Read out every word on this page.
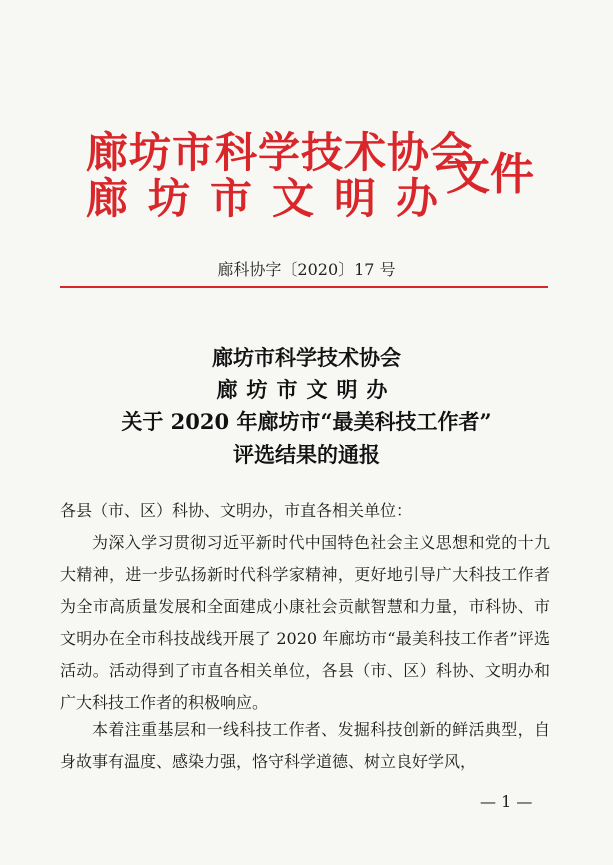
廊坊市科学技术协会
廊坊市文明办
文件
廊科协字〔2020〕17 号
廊坊市科学技术协会
廊坊市文明办
关于 2020 年廊坊市“最美科技工作者”
评选结果的通报
各县（市、区）科协、文明办，市直各相关单位：
为深入学习贯彻习近平新时代中国特色社会主义思想和党的十九大精神，进一步弘扬新时代科学家精神，更好地引导广大科技工作者为全市高质量发展和全面建成小康社会贡献智慧和力量，市科协、市文明办在全市科技战线开展了 2020 年廊坊市“最美科技工作者”评选活动。活动得到了市直各相关单位，各县（市、区）科协、文明办和广大科技工作者的积极响应。
本着注重基层和一线科技工作者、发掘科技创新的鲜活典型，自身故事有温度、感染力强，恪守科学道德、树立良好学风，
— 1 —
